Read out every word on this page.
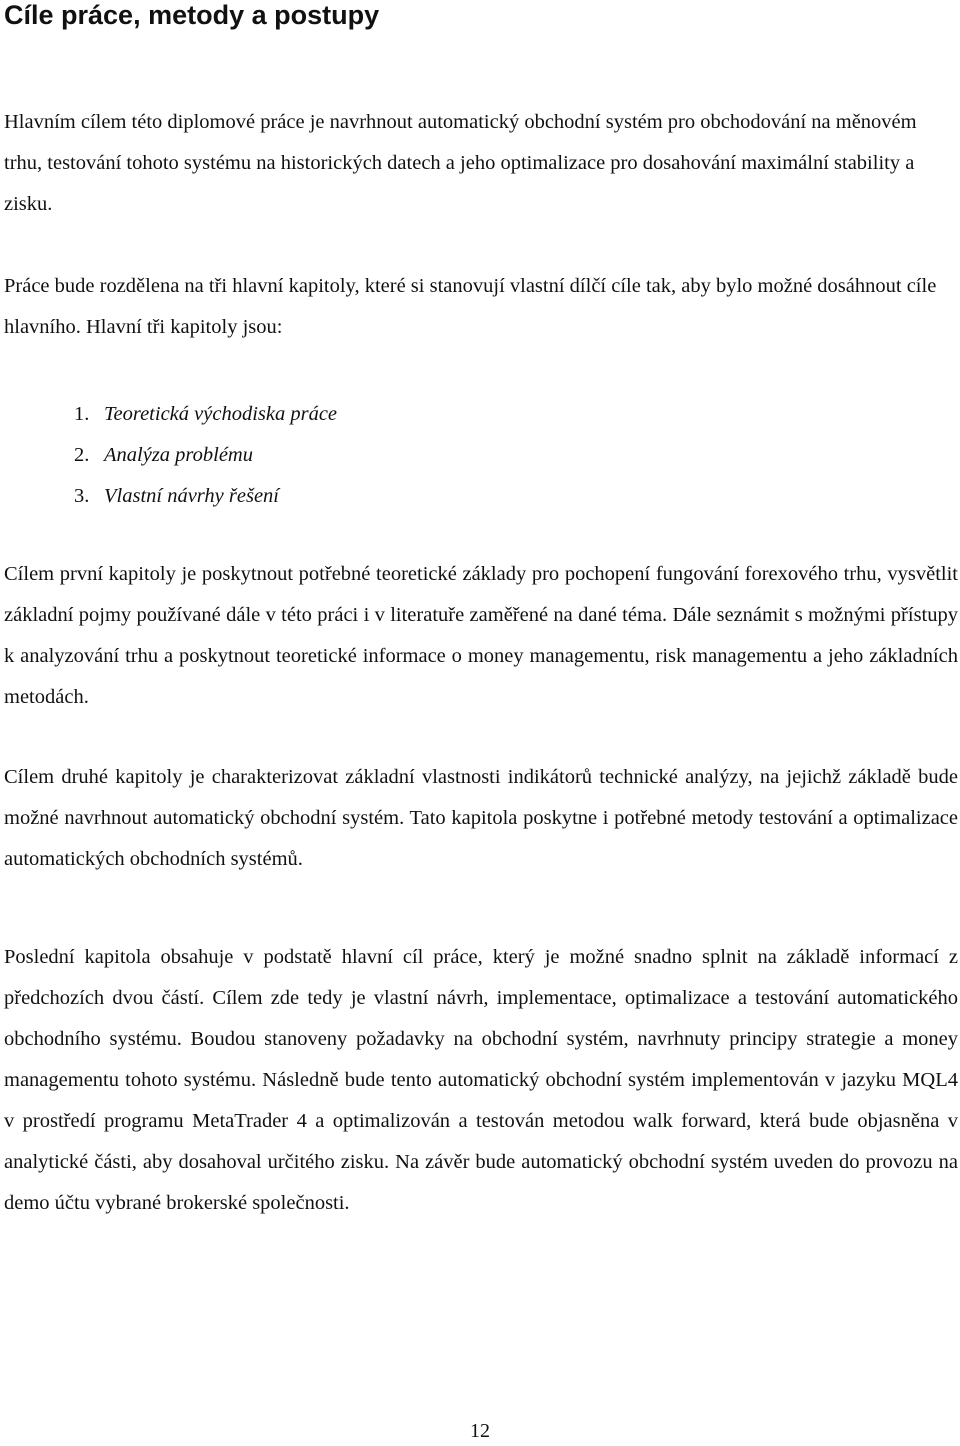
Cíle práce, metody a postupy

Hlavním cílem této diplomové práce je navrhnout automatický obchodní systém pro obchodování na měnovém trhu, testování tohoto systému na historických datech a jeho optimalizace pro dosahování maximální stability a zisku.

Práce bude rozdělena na tři hlavní kapitoly, které si stanovují vlastní dílčí cíle tak, aby bylo možné dosáhnout cíle hlavního. Hlavní tři kapitoly jsou:

1. Teoretická východiska práce
2. Analýza problému
3. Vlastní návrhy řešení

Cílem první kapitoly je poskytnout potřebné teoretické základy pro pochopení fungování forexového trhu, vysvětlit základní pojmy používané dále v této práci i v literatuře zaměřené na dané téma. Dále seznámit s možnými přístupy k analyzování trhu a poskytnout teoretické informace o money managementu, risk managementu a jeho základních metodách.

Cílem druhé kapitoly je charakterizovat základní vlastnosti indikátorů technické analýzy, na jejichž základě bude možné navrhnout automatický obchodní systém. Tato kapitola poskytne i potřebné metody testování a optimalizace automatických obchodních systémů.

Poslední kapitola obsahuje v podstatě hlavní cíl práce, který je možné snadno splnit na základě informací z předchozích dvou částí. Cílem zde tedy je vlastní návrh, implementace, optimalizace a testování automatického obchodního systému. Boudou stanoveny požadavky na obchodní systém, navrhnuty principy strategie a money managementu tohoto systému. Následně bude tento automatický obchodní systém implementován v jazyku MQL4 v prostředí programu MetaTrader 4 a optimalizován a testován metodou walk forward, která bude objasněna v analytické části, aby dosahoval určitého zisku. Na závěr bude automatický obchodní systém uveden do provozu na demo účtu vybrané brokerské společnosti.

12
